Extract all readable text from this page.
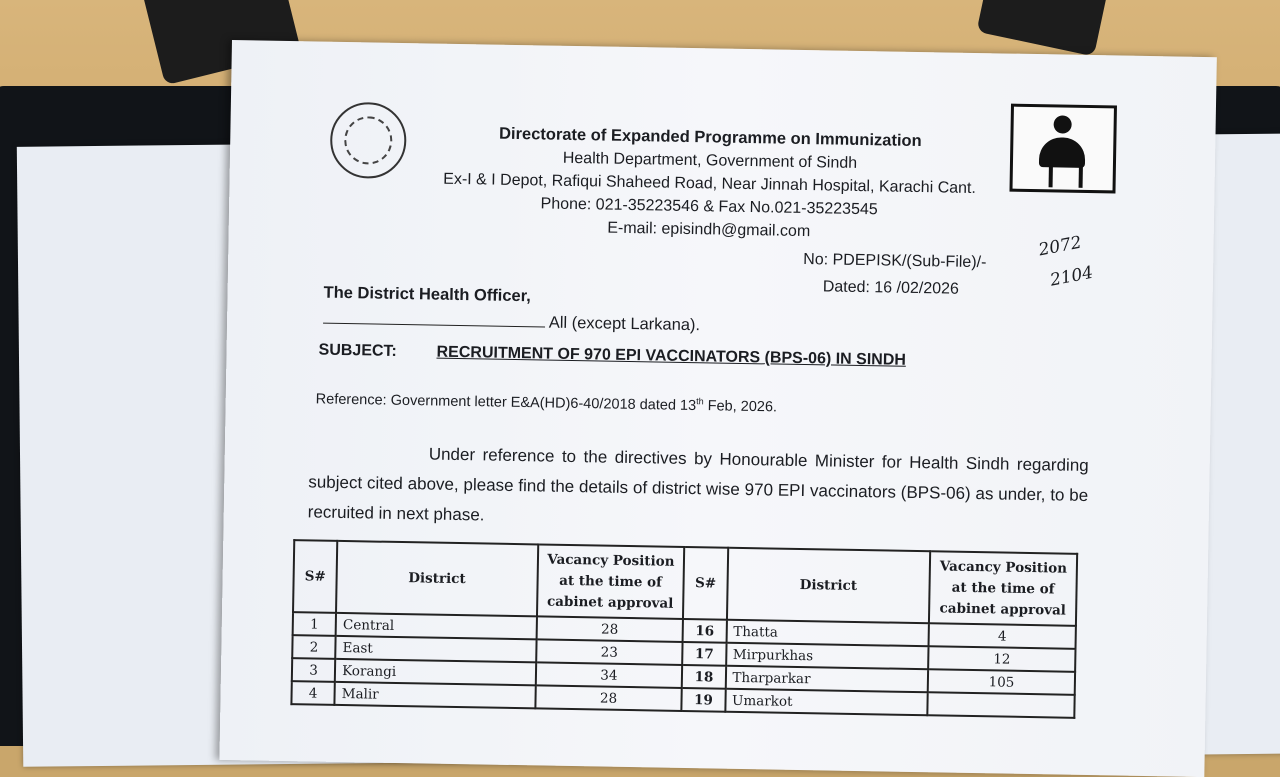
Directorate of Expanded Programme on Immunization
Health Department, Government of Sindh
Ex-I & I Depot, Rafiqui Shaheed Road, Near Jinnah Hospital, Karachi Cant.
Phone: 021-35223546 & Fax No.021-35223545
E-mail: episindh@gmail.com
No: PDEPISK/(Sub-File)/-
Dated: 16 /02/2026
2072
2104
The District Health Officer,
All (except Larkana).
SUBJECT: RECRUITMENT OF 970 EPI VACCINATORS (BPS-06) IN SINDH
Reference: Government letter E&A(HD)6-40/2018 dated 13th Feb, 2026.
Under reference to the directives by Honourable Minister for Health Sindh regarding subject cited above, please find the details of district wise 970 EPI vaccinators (BPS-06) as under, to be recruited in next phase.
S#	District	Vacancy Position at the time of cabinet approval	S#	District	Vacancy Position at the time of cabinet approval
1	Central	28	16	Thatta	4
2	East	23	17	Mirpurkhas	12
3	Korangi	34	18	Tharparkar	105
4	Malir	28	19	Umarkot	
